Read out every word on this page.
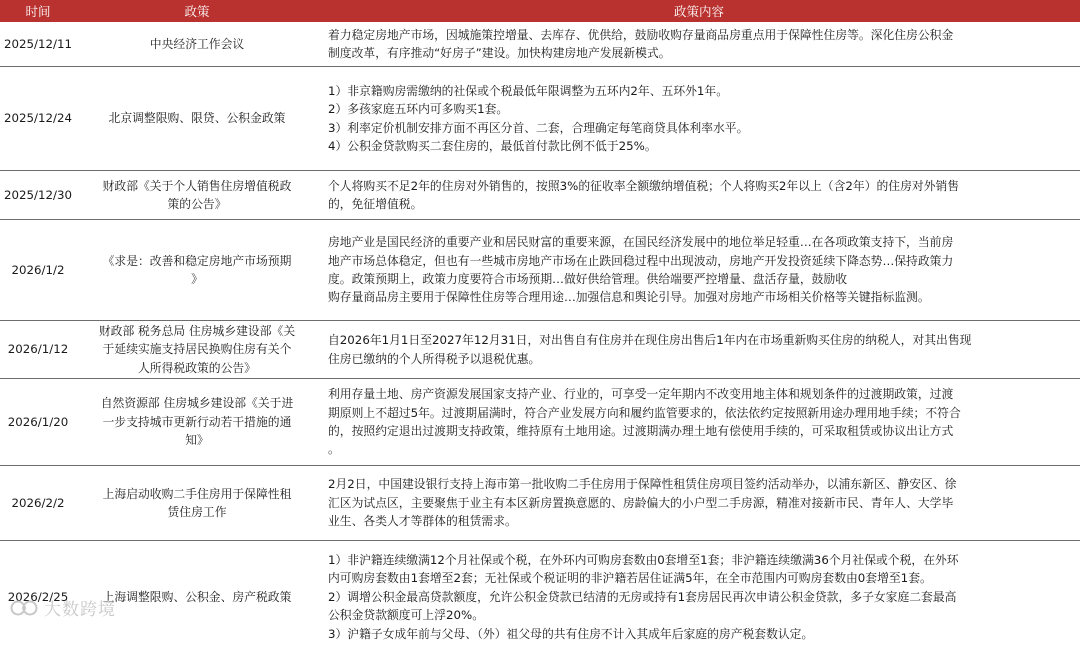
时间	政策	政策内容
2025/12/11	中央经济工作会议	着力稳定房地产市场，因城施策控增量、去库存、优供给，鼓励收购存量商品房重点用于保障性住房等。深化住房公积金
制度改革，有序推动“好房子”建设。加快构建房地产发展新模式。

2025/12/24	北京调整限购、限贷、公积金政策	1）非京籍购房需缴纳的社保或个税最低年限调整为五环内2年、五环外1年。
2）多孩家庭五环内可多购买1套。
3）利率定价机制安排方面不再区分首、二套，合理确定每笔商贷具体利率水平。
4）公积金贷款购买二套住房的，最低首付款比例不低于25%。

2025/12/30	财政部《关于个人销售住房增值税政
策的公告》	个人将购买不足2年的住房对外销售的，按照3%的征收率全额缴纳增值税；个人将购买2年以上（含2年）的住房对外销售
的，免征增值税。

2026/1/2	《求是：改善和稳定房地产市场预期
》	房地产业是国民经济的重要产业和居民财富的重要来源，在国民经济发展中的地位举足轻重…在各项政策支持下，当前房
地产市场总体稳定，但也有一些城市房地产市场在止跌回稳过程中出现波动，房地产开发投资延续下降态势…保持政策力
度。政策预期上，政策力度要符合市场预期…做好供给管理。供给端要严控增量、盘活存量，鼓励收
购存量商品房主要用于保障性住房等合理用途…加强信息和舆论引导。加强对房地产市场相关价格等关键指标监测。

2026/1/12	财政部 税务总局 住房城乡建设部《关
于延续实施支持居民换购住房有关个
人所得税政策的公告》	自2026年1月1日至2027年12月31日，对出售自有住房并在现住房出售后1年内在市场重新购买住房的纳税人，对其出售现
住房已缴纳的个人所得税予以退税优惠。

2026/1/20	自然资源部 住房城乡建设部《关于进
一步支持城市更新行动若干措施的通
知》	利用存量土地、房产资源发展国家支持产业、行业的，可享受一定年期内不改变用地主体和规划条件的过渡期政策，过渡
期原则上不超过5年。过渡期届满时，符合产业发展方向和履约监管要求的，依法依约定按照新用途办理用地手续；不符合
的，按照约定退出过渡期支持政策，维持原有土地用途。过渡期满办理土地有偿使用手续的，可采取租赁或协议出让方式
。

2026/2/2	上海启动收购二手住房用于保障性租
赁住房工作	2月2日，中国建设银行支持上海市第一批收购二手住房用于保障性租赁住房项目签约活动举办，以浦东新区、静安区、徐
汇区为试点区，主要聚焦于业主有本区新房置换意愿的、房龄偏大的小户型二手房源，精准对接新市民、青年人、大学毕
业生、各类人才等群体的租赁需求。

2026/2/25	上海调整限购、公积金、房产税政策	1）非沪籍连续缴满12个月社保或个税，在外环内可购房套数由0套增至1套；非沪籍连续缴满36个月社保或个税，在外环
内可购房套数由1套增至2套；无社保或个税证明的非沪籍若居住证满5年，在全市范围内可购房套数由0套增至1套。
2）调增公积金最高贷款额度，允许公积金贷款已结清的无房或持有1套房居民再次申请公积金贷款，多子女家庭二套最高
公积金贷款额度可上浮20%。
3）沪籍子女成年前与父母、（外）祖父母的共有住房不计入其成年后家庭的房产税套数认定。
大数跨境
